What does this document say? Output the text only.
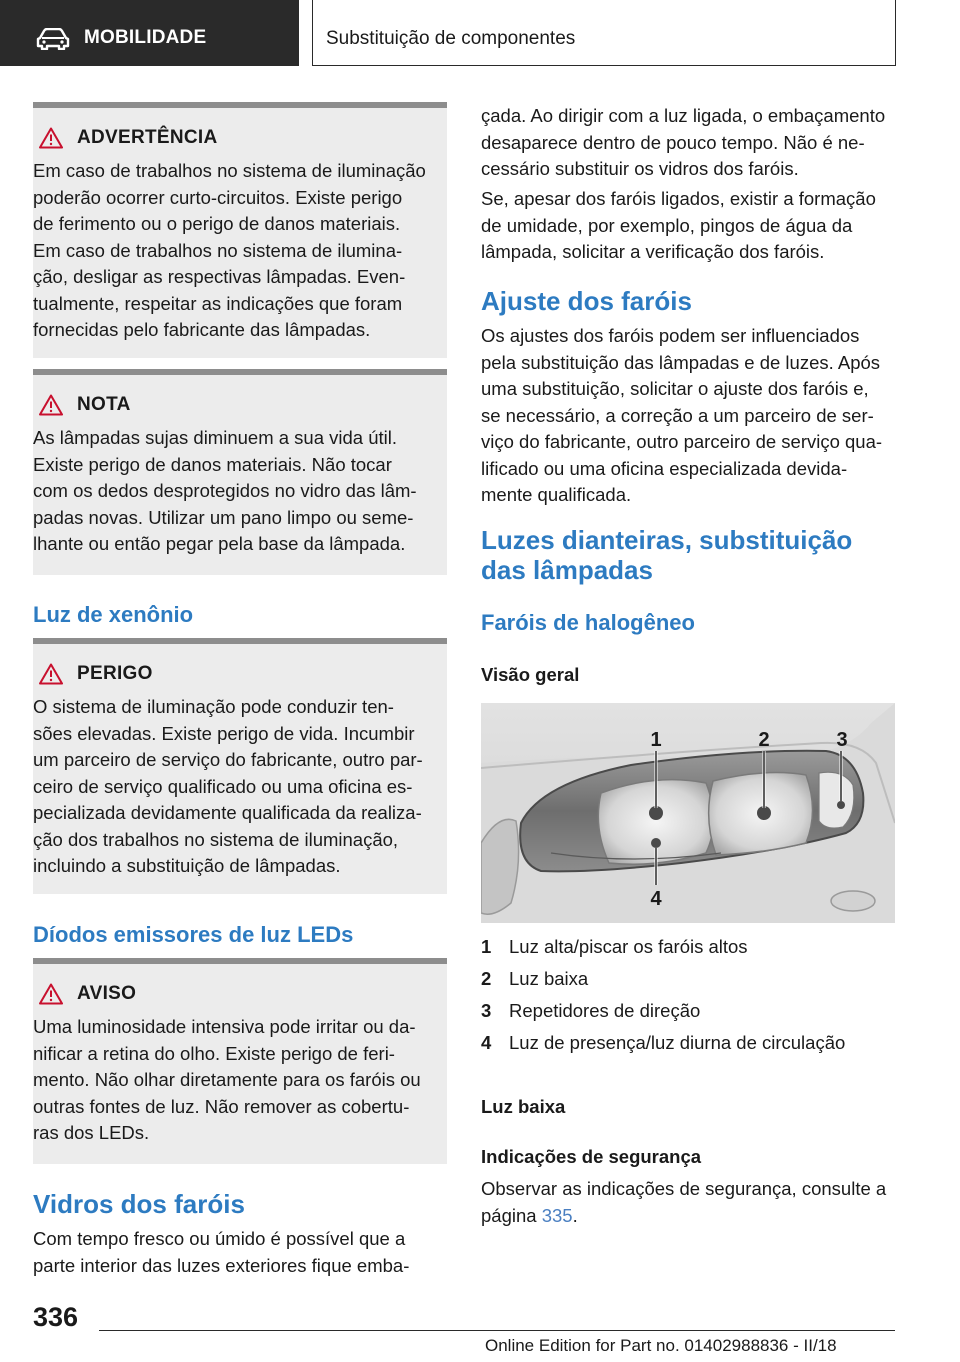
MOBILIDADE	Substituição de componentes
ADVERTÊNCIA

Em caso de trabalhos no sistema de iluminação
poderão ocorrer curto-circuitos. Existe perigo
de ferimento ou o perigo de danos materiais.
Em caso de trabalhos no sistema de ilumina-
ção, desligar as respectivas lâmpadas. Even-
tualmente, respeitar as indicações que foram
fornecidas pelo fabricante das lâmpadas.

NOTA

As lâmpadas sujas diminuem a sua vida útil.
Existe perigo de danos materiais. Não tocar
com os dedos desprotegidos no vidro das lâm-
padas novas. Utilizar um pano limpo ou seme-
lhante ou então pegar pela base da lâmpada.

Luz de xenônio
PERIGO

O sistema de iluminação pode conduzir ten-
sões elevadas. Existe perigo de vida. Incumbir
um parceiro de serviço do fabricante, outro par-
ceiro de serviço qualificado ou uma oficina es-
pecializada devidamente qualificada da realiza-
ção dos trabalhos no sistema de iluminação,
incluindo a substituição de lâmpadas.

Díodos emissores de luz LEDs
AVISO

Uma luminosidade intensiva pode irritar ou da-
nificar a retina do olho. Existe perigo de feri-
mento. Não olhar diretamente para os faróis ou
outras fontes de luz. Não remover as cobertu-
ras dos LEDs.

Vidros dos faróis
Com tempo fresco ou úmido é possível que a
parte interior das luzes exteriores fique emba-
çada. Ao dirigir com a luz ligada, o embaçamento
desaparece dentro de pouco tempo. Não é ne-
cessário substituir os vidros dos faróis.
Se, apesar dos faróis ligados, existir a formação
de umidade, por exemplo, pingos de água da
lâmpada, solicitar a verificação dos faróis.
Ajuste dos faróis
Os ajustes dos faróis podem ser influenciados
pela substituição das lâmpadas e de luzes. Após
uma substituição, solicitar o ajuste dos faróis e,
se necessário, a correção a um parceiro de ser-
viço do fabricante, outro parceiro de serviço qua-
lificado ou uma oficina especializada devida-
mente qualificada.
Luzes dianteiras, substituição
das lâmpadas
Faróis de halogêneo
Visão geral
1	2	3
4
1 Luz alta/piscar os faróis altos
2 Luz baixa
3 Repetidores de direção
4 Luz de presença/luz diurna de circulação
Luz baixa
Indicações de segurança
Observar as indicações de segurança, consulte a
página 335.
336
Online Edition for Part no. 01402988836 - II/18
